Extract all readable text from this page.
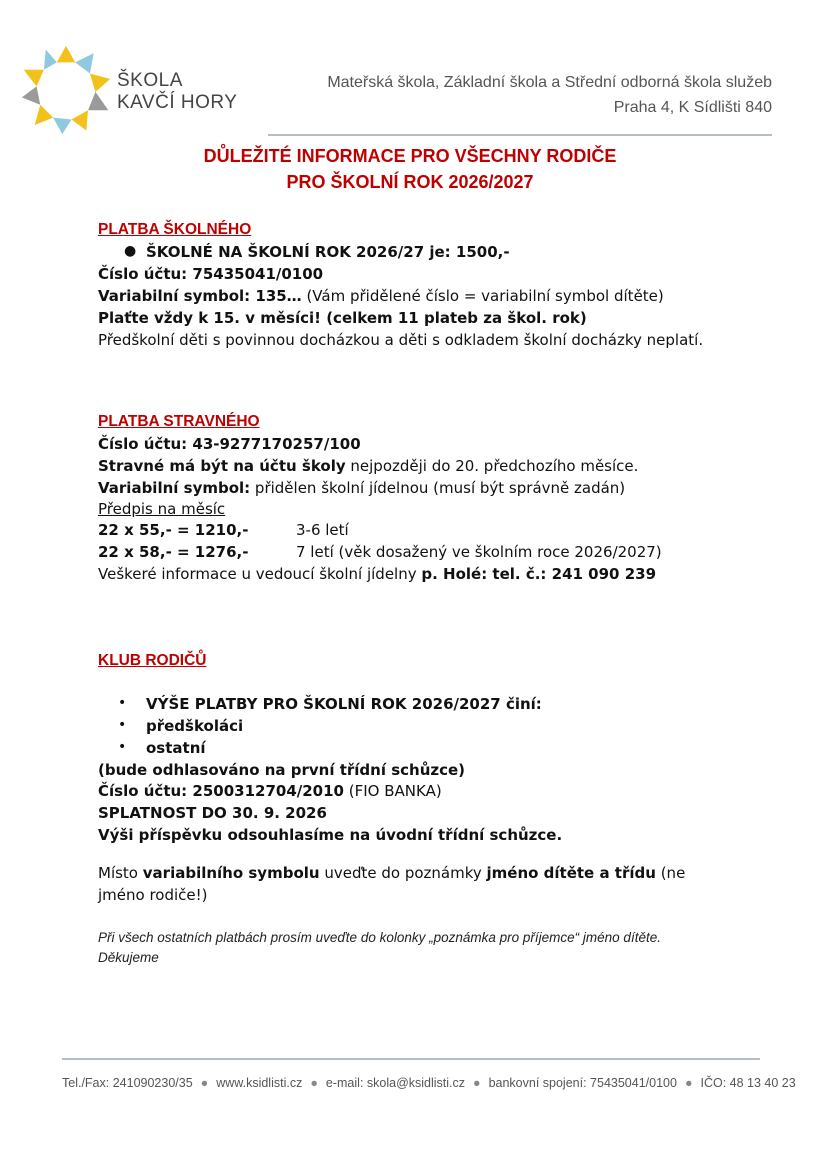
ŠKOLA
KAVČÍ HORY
Mateřská škola, Základní škola a Střední odborná škola služeb
Praha 4, K Sídlišti 840
DŮLEŽITÉ INFORMACE PRO VŠECHNY RODIČE
PRO ŠKOLNÍ ROK 2026/2027
PLATBA ŠKOLNÉHO
● ŠKOLNÉ NA ŠKOLNÍ ROK 2026/27 je: 1500,-
Číslo účtu: 75435041/0100
Variabilní symbol: 135… (Vám přidělené číslo = variabilní symbol dítěte)
Plaťte vždy k 15. v měsíci! (celkem 11 plateb za škol. rok)
Předškolní děti s povinnou docházkou a děti s odkladem školní docházky neplatí.
PLATBA STRAVNÉHO
Číslo účtu: 43-9277170257/100
Stravné má být na účtu školy nejpozději do 20. předchozího měsíce.
Variabilní symbol: přidělen školní jídelnou (musí být správně zadán)
Předpis na měsíc
22 x 55,- = 1210,-	3-6 letí
22 x 58,- = 1276,-	7 letí (věk dosažený ve školním roce 2026/2027)
Veškeré informace u vedoucí školní jídelny p. Holé: tel. č.: 241 090 239
KLUB RODIČŮ
• VÝŠE PLATBY PRO ŠKOLNÍ ROK 2026/2027 činí:
• předškoláci
• ostatní
(bude odhlasováno na první třídní schůzce)
Číslo účtu: 2500312704/2010 (FIO BANKA)
SPLATNOST DO 30. 9. 2026
Výši příspěvku odsouhlasíme na úvodní třídní schůzce.
Místo variabilního symbolu uveďte do poznámky jméno dítěte a třídu (ne jméno rodiče!)
Při všech ostatních platbách prosím uveďte do kolonky „poznámka pro příjemce“ jméno dítěte. Děkujeme
Tel./Fax: 241090230/35 ● www.ksidlisti.cz ● e-mail: skola@ksidlisti.cz ● bankovní spojení: 75435041/0100 ● IČO: 48 13 40 23
